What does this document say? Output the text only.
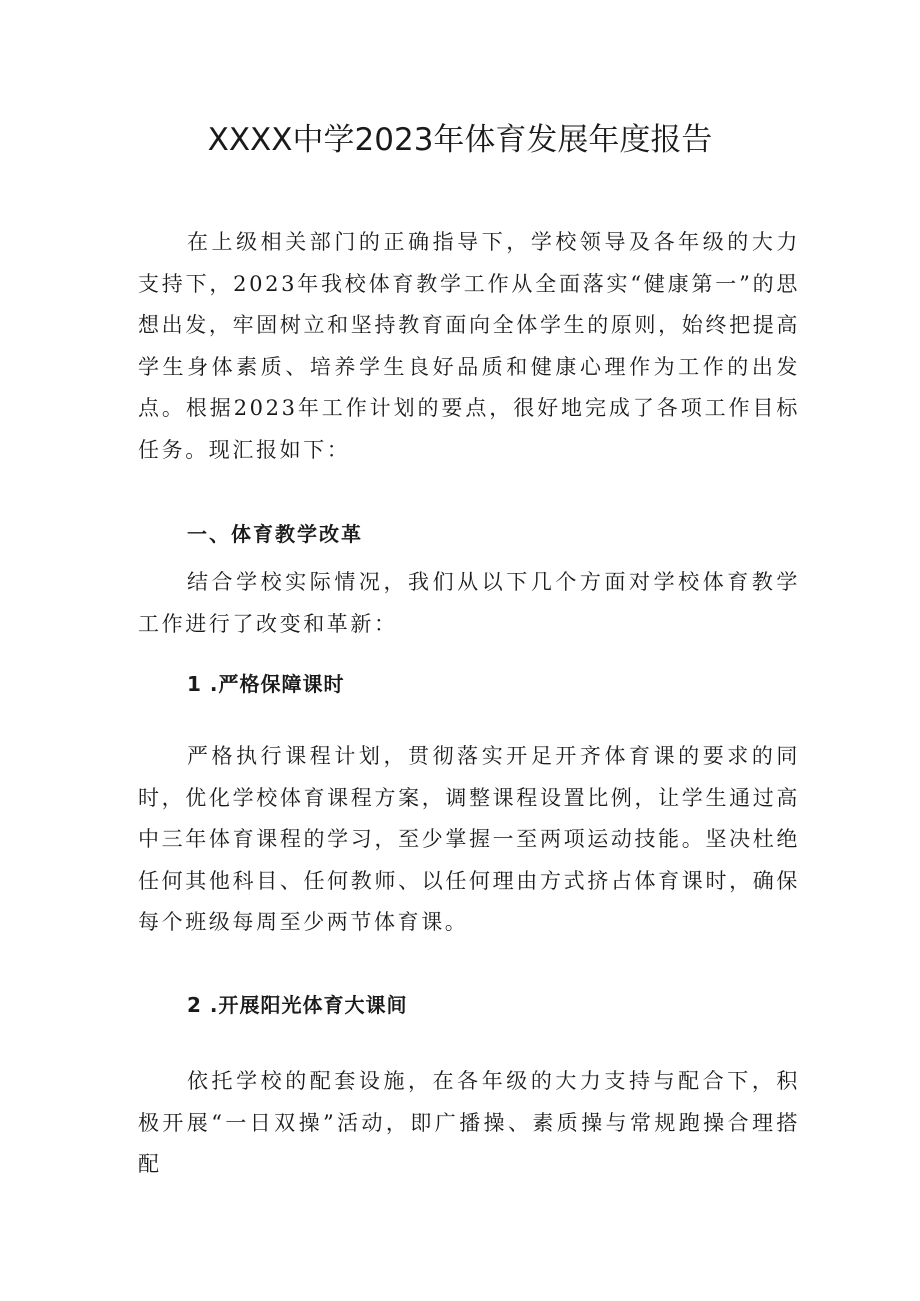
XXXX中学2023年体育发展年度报告

在上级相关部门的正确指导下，学校领导及各年级的大力支持下，2023年我校体育教学工作从全面落实“健康第一”的思想出发，牢固树立和坚持教育面向全体学生的原则，始终把提高学生身体素质、培养学生良好品质和健康心理作为工作的出发点。根据2023年工作计划的要点，很好地完成了各项工作目标任务。现汇报如下：

一、体育教学改革

结合学校实际情况，我们从以下几个方面对学校体育教学工作进行了改变和革新：

1 .严格保障课时

严格执行课程计划，贯彻落实开足开齐体育课的要求的同时，优化学校体育课程方案，调整课程设置比例，让学生通过高中三年体育课程的学习，至少掌握一至两项运动技能。坚决杜绝任何其他科目、任何教师、以任何理由方式挤占体育课时，确保每个班级每周至少两节体育课。

2 .开展阳光体育大课间

依托学校的配套设施，在各年级的大力支持与配合下，积极开展“一日双操”活动，即广播操、素质操与常规跑操合理搭配
